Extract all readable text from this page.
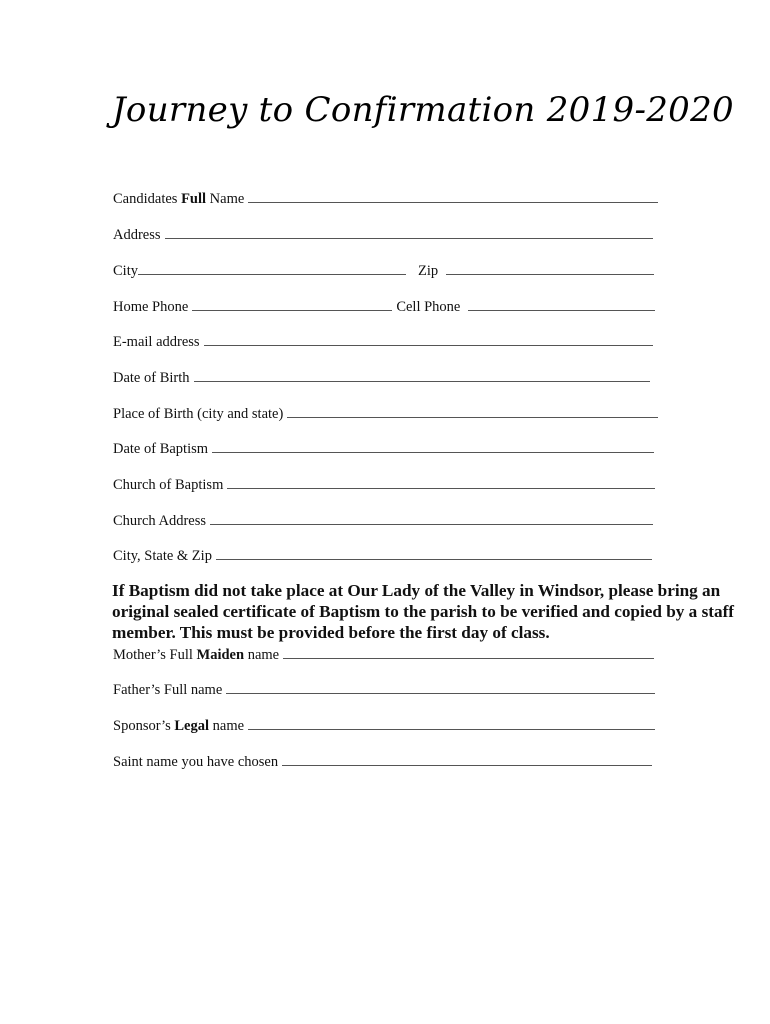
Journey to Confirmation 2019-2020
Candidates Full Name
Address
City	Zip
Home Phone	Cell Phone
E-mail address
Date of Birth
Place of Birth (city and state)
Date of Baptism
Church of Baptism
Church Address
City, State & Zip
If Baptism did not take place at Our Lady of the Valley in Windsor, please bring an original sealed certificate of Baptism to the parish to be verified and copied by a staff member. This must be provided before the first day of class.
Mother’s Full Maiden name
Father’s Full name
Sponsor’s Legal name
Saint name you have chosen
